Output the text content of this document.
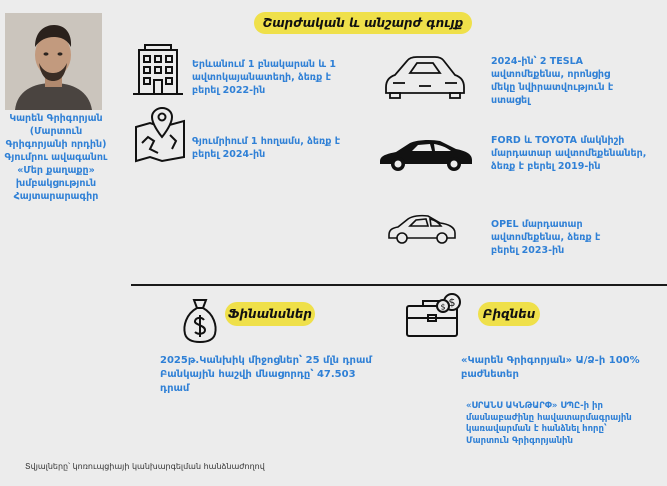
Կարեն Գրիգորյան
(Մարտուն
Գրիգորյանի որդին)
Գյումրու ավագանու
«Մեր քաղաքը»
խմբակցություն
Հայտարարագիր
Շարժական և անշարժ գույք
Երևանում 1 բնակարան և 1
ավտոկայանատեղի, ձեռք է
բերել 2022-ին
Գյումրիում 1 հողամս, ձեռք է
բերել 2024-ին
2024-ին՝ 2 TESLA
ավտոմեքենա, որոնցից
մեկը նվիրատվություն է
ստացել
FORD և TOYOTA մակնիշի
մարդատար ավտոմեքենաներ,
ձեռք է բերել 2019-ին
OPEL մարդատար
ավտոմեքենա, ձեռք է
բերել 2023-ին
Ֆինանսներ
2025թ.Կանխիկ միջոցներ՝ 25 մլն դրամ
Բանկային հաշվի մնացորդը՝ 47.503
դրամ
$
$	Բիզնես
«Կարեն Գրիգորյան» Ա/Ձ-ի 100%
բաժնետեր
«ՍՐԱՆՍ ԱԿՆԹԱՐՓ» ՍՊԸ-ի իր
մասնաբաժինը հավատարմագրային
կառավարման է հանձնել հորը՝
Մարտուն Գրիգորյանին
Տվյալները՝ կոռուպցիայի կանխարգելման հանձնաժողով
